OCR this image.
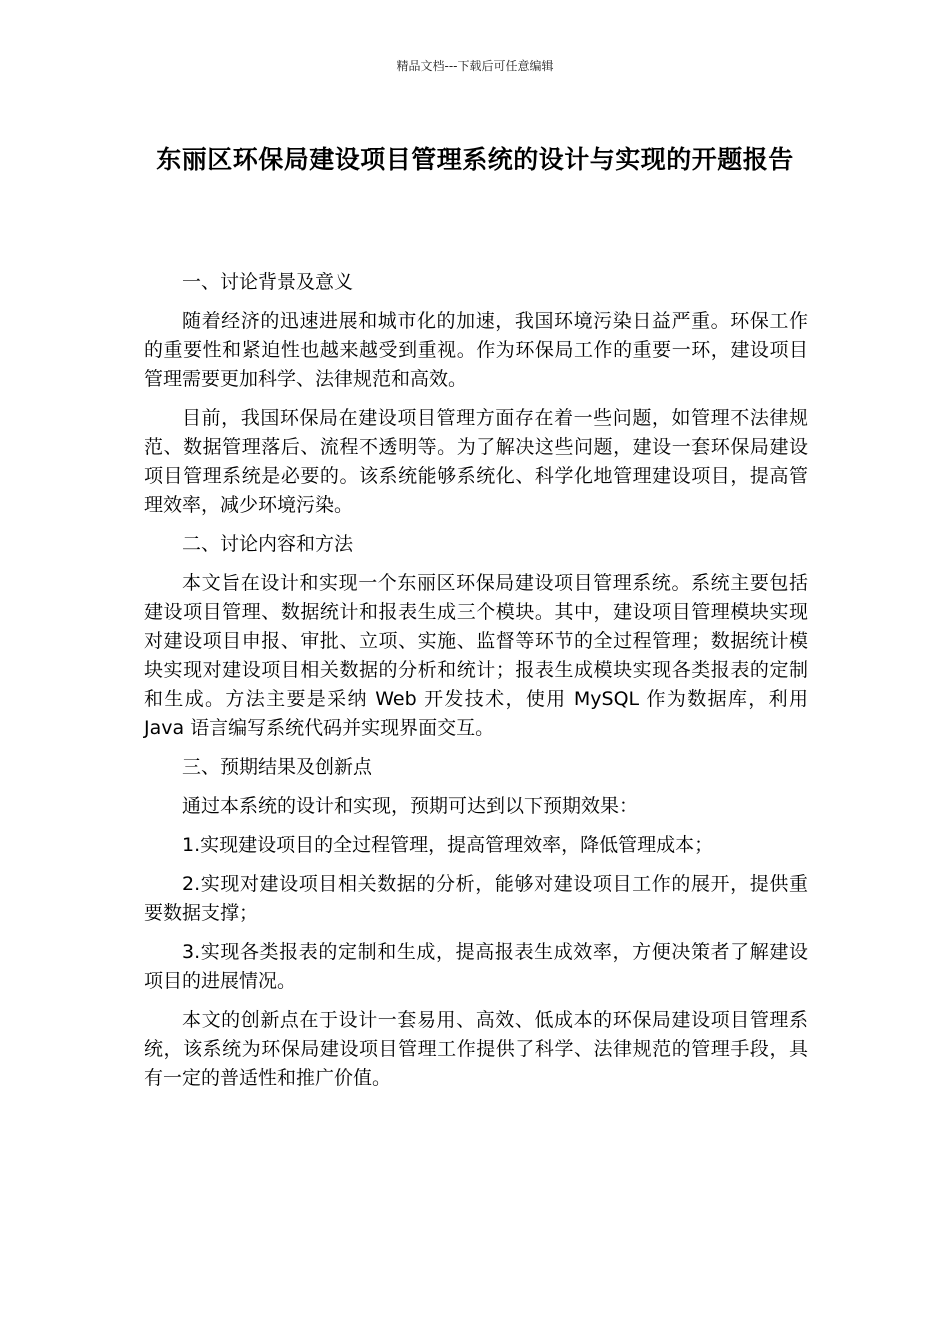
精品文档---下载后可任意编辑
东丽区环保局建设项目管理系统的设计与实现的开题报告

一、讨论背景及意义

随着经济的迅速进展和城市化的加速，我国环境污染日益严重。环保工作的重要性和紧迫性也越来越受到重视。作为环保局工作的重要一环，建设项目管理需要更加科学、法律规范和高效。

目前，我国环保局在建设项目管理方面存在着一些问题，如管理不法律规范、数据管理落后、流程不透明等。为了解决这些问题，建设一套环保局建设项目管理系统是必要的。该系统能够系统化、科学化地管理建设项目，提高管理效率，减少环境污染。

二、讨论内容和方法

本文旨在设计和实现一个东丽区环保局建设项目管理系统。系统主要包括建设项目管理、数据统计和报表生成三个模块。其中，建设项目管理模块实现对建设项目申报、审批、立项、实施、监督等环节的全过程管理；数据统计模块实现对建设项目相关数据的分析和统计；报表生成模块实现各类报表的定制和生成。方法主要是采纳 Web 开发技术，使用 MySQL 作为数据库，利用 Java 语言编写系统代码并实现界面交互。

三、预期结果及创新点

通过本系统的设计和实现，预期可达到以下预期效果：

1.实现建设项目的全过程管理，提高管理效率，降低管理成本；

2.实现对建设项目相关数据的分析，能够对建设项目工作的展开，提供重要数据支撑；

3.实现各类报表的定制和生成，提高报表生成效率，方便决策者了解建设项目的进展情况。

本文的创新点在于设计一套易用、高效、低成本的环保局建设项目管理系统，该系统为环保局建设项目管理工作提供了科学、法律规范的管理手段，具有一定的普适性和推广价值。
